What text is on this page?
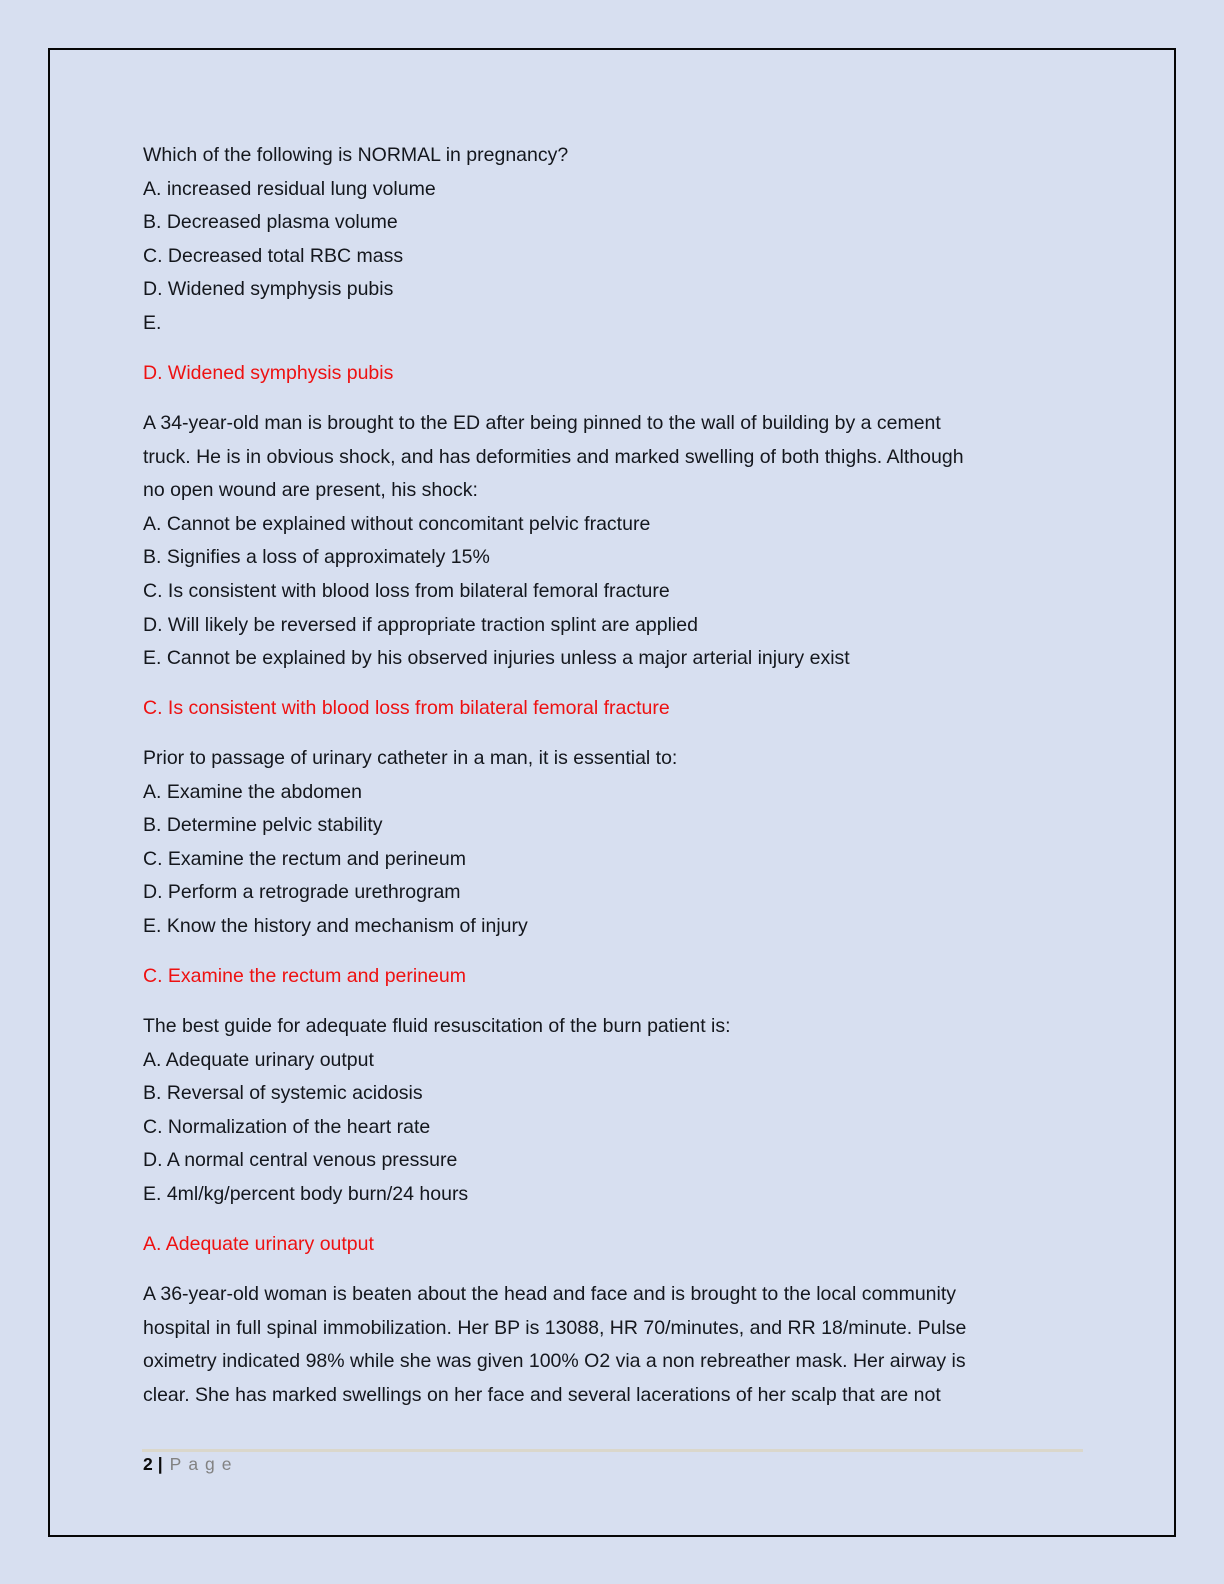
Which of the following is NORMAL in pregnancy?
A. increased residual lung volume
B. Decreased plasma volume
C. Decreased total RBC mass
D. Widened symphysis pubis
E.
D. Widened symphysis pubis
A 34-year-old man is brought to the ED after being pinned to the wall of building by a cement
truck. He is in obvious shock, and has deformities and marked swelling of both thighs. Although
no open wound are present, his shock:
A. Cannot be explained without concomitant pelvic fracture
B. Signifies a loss of approximately 15%
C. Is consistent with blood loss from bilateral femoral fracture
D. Will likely be reversed if appropriate traction splint are applied
E. Cannot be explained by his observed injuries unless a major arterial injury exist
C. Is consistent with blood loss from bilateral femoral fracture
Prior to passage of urinary catheter in a man, it is essential to:
A. Examine the abdomen
B. Determine pelvic stability
C. Examine the rectum and perineum
D. Perform a retrograde urethrogram
E. Know the history and mechanism of injury
C. Examine the rectum and perineum
The best guide for adequate fluid resuscitation of the burn patient is:
A. Adequate urinary output
B. Reversal of systemic acidosis
C. Normalization of the heart rate
D. A normal central venous pressure
E. 4ml/kg/percent body burn/24 hours
A. Adequate urinary output
A 36-year-old woman is beaten about the head and face and is brought to the local community
hospital in full spinal immobilization. Her BP is 13088, HR 70/minutes, and RR 18/minute. Pulse
oximetry indicated 98% while she was given 100% O2 via a non rebreather mask. Her airway is
clear. She has marked swellings on her face and several lacerations of her scalp that are not
2 | Page
